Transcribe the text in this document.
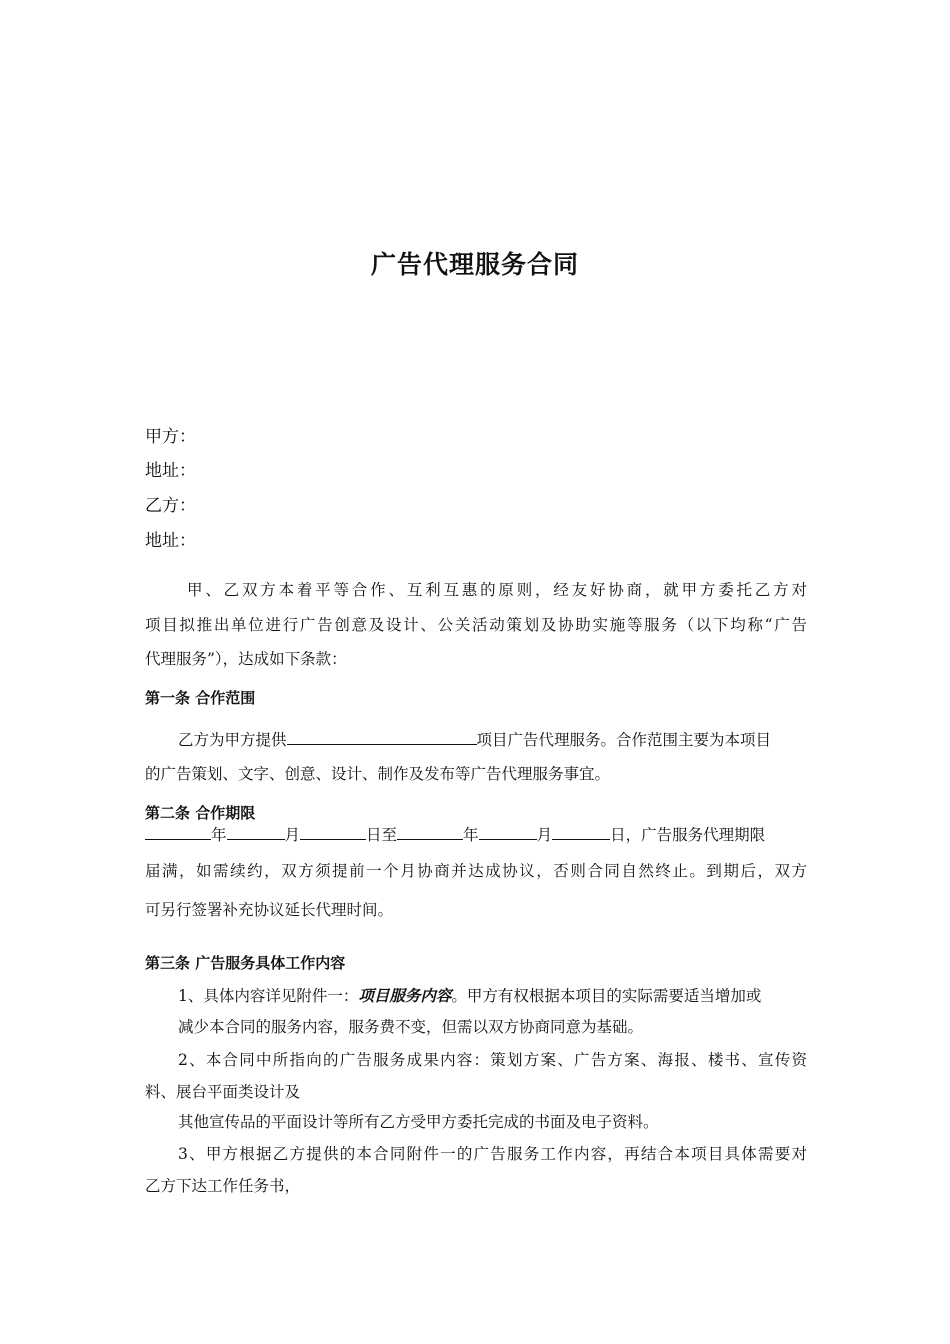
广告代理服务合同
甲方：
地址：
乙方：
地址：
甲、乙双方本着平等合作、互利互惠的原则，经友好协商，就甲方委托乙方对
项目拟推出单位进行广告创意及设计、公关活动策划及协助实施等服务（以下均称“广告
代理服务”），达成如下条款：
第一条 合作范围
乙方为甲方提供	项目广告代理服务。合作范围主要为本项目
的广告策划、文字、创意、设计、制作及发布等广告代理服务事宜。
第二条 合作期限
年	月	日至	年	月	日，广告服务代理期限
届满，如需续约，双方须提前一个月协商并达成协议，否则合同自然终止。到期后，双方
可另行签署补充协议延长代理时间。
第三条 广告服务具体工作内容
1、具体内容详见附件一：项目服务内容。甲方有权根据本项目的实际需要适当增加或
减少本合同的服务内容，服务费不变，但需以双方协商同意为基础。
2、本合同中所指向的广告服务成果内容：策划方案、广告方案、海报、楼书、宣传资
料、展台平面类设计及
其他宣传品的平面设计等所有乙方受甲方委托完成的书面及电子资料。
3、甲方根据乙方提供的本合同附件一的广告服务工作内容，再结合本项目具体需要对
乙方下达工作任务书，
